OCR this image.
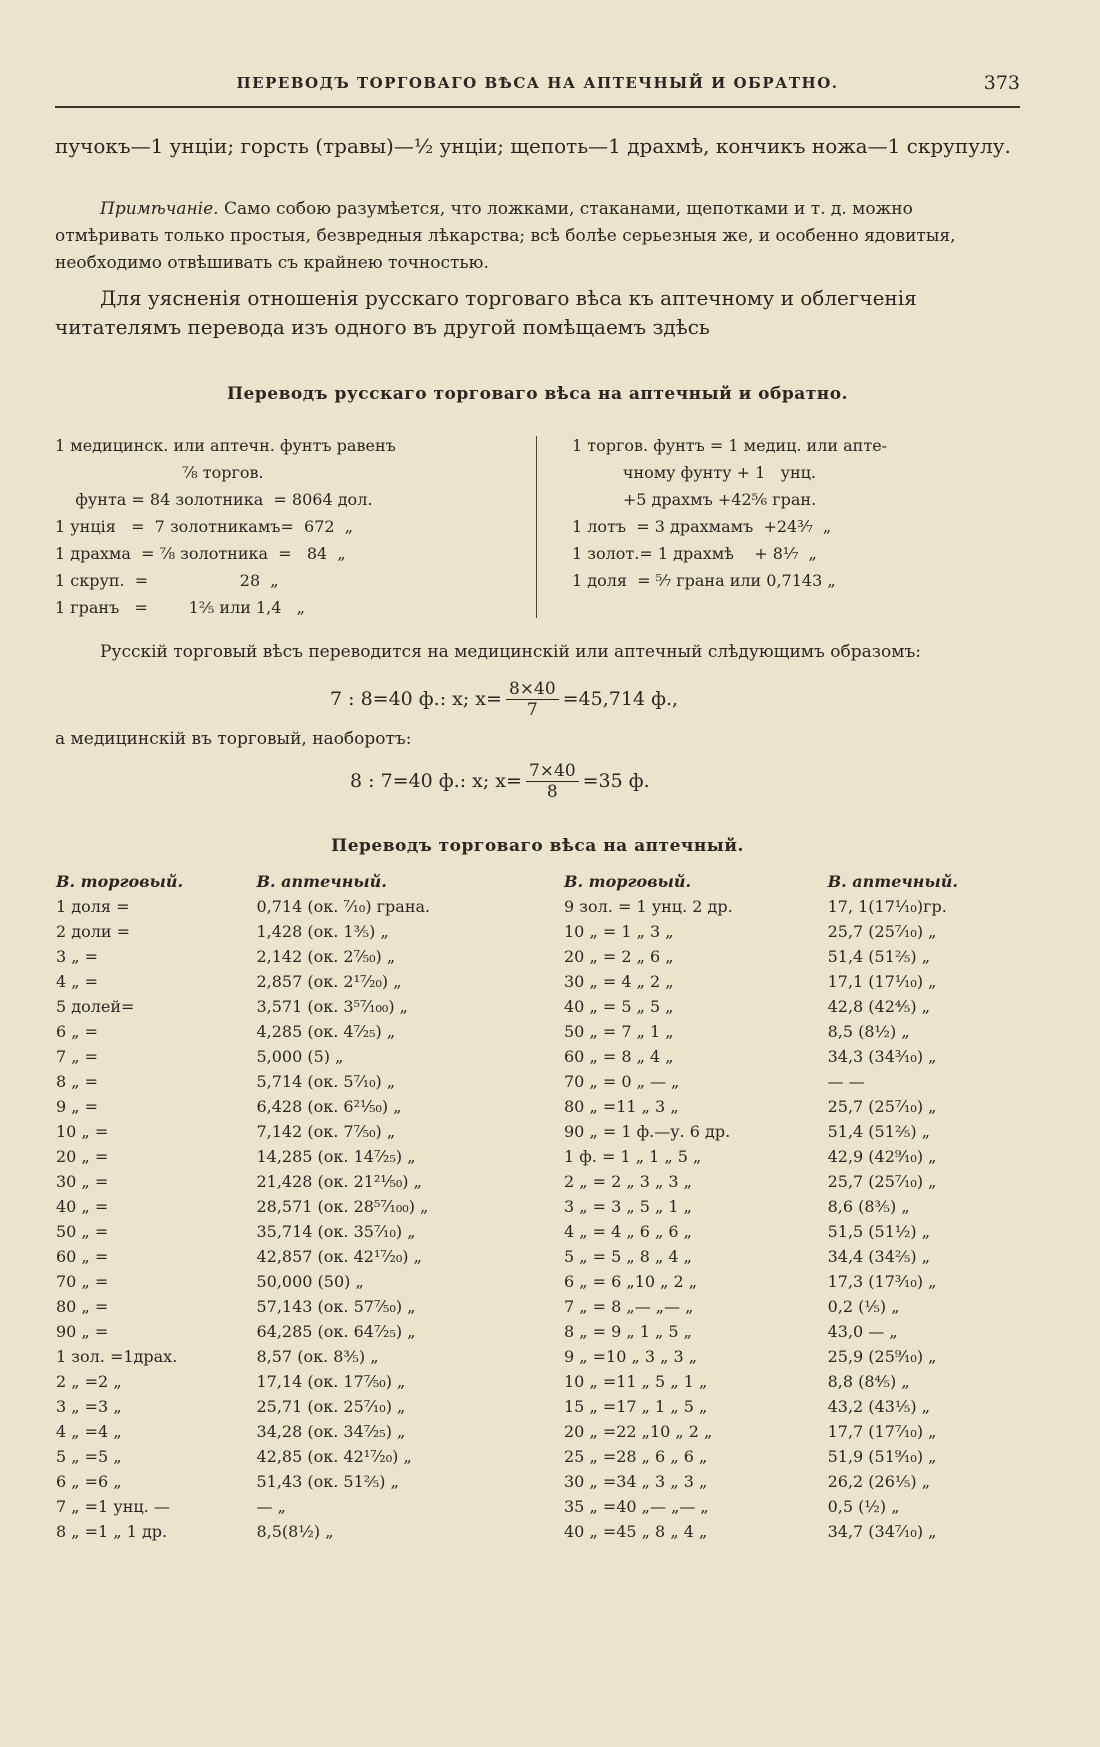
ПЕРЕВОДЪ ТОРГОВАГО ВѢСА НА АПТЕЧНЫЙ И ОБРАТНО.	373

пучокъ—1 унціи; горсть (травы)—½ унціи; щепоть—1 драхмѣ, кончикъ ножа—1 скрупулу.

Примѣчаніе. Само собою разумѣется, что ложками, стаканами, щепотками и т. д. можно отмѣривать только простыя, безвредныя лѣкарства; всѣ болѣе серьезныя же, и особенно ядовитыя, необходимо отвѣшивать съ крайнею точностью.

Для уясненія отношенія русскаго торговаго вѣса къ аптечному и облегченія читателямъ перевода изъ одного въ другой помѣщаемъ здѣсь

Переводъ русскаго торговаго вѣса на аптечный и обратно.
1 медицинск. или аптечн. фунтъ равенъ
⅞ торгов.
фунта = 84 золотника  = 8064 дол.
1 унція   =  7 золотникамъ=  672  „
1 драхма  = ⅞ золотника  =   84  „
1 скруп.  =                  28  „
1 гранъ   =        1⅖ или 1,4   „
1 торгов. фунтъ = 1 медиц. или апте-
чному фунту + 1   унц.
+5 драхмъ +42⅚ гран.
1 лотъ  = 3 драхмамъ  +24³⁄₇  „
1 золот.= 1 драхмѣ    + 8¹⁄₇  „
1 доля  = ⁵⁄₇ грана или 0,7143 „
Русскій торговый вѣсъ переводится на медицинскій или аптечный слѣдующимъ образомъ:
7 : 8=40 ф.: x; $x= \frac{8\times 40}{7} =45,714$ ф.,
а медицинскій въ торговый, наоборотъ:
8 : 7=40 ф.: x; $x= \frac{7\times 40}{8} =35$ ф.
Переводъ торговаго вѣса на аптечный.
В. торговый.	В. аптечный.
1 доля =	0,714 (ок. ⁷⁄₁₀) грана.
2 доли =	1,428 (ок. 1⅗) „
3 „ =	2,142 (ок. 2⁷⁄₅₀) „
4 „ =	2,857 (ок. 2¹⁷⁄₂₀) „
5 долей=	3,571 (ок. 3⁵⁷⁄₁₀₀) „
6 „ =	4,285 (ок. 4⁷⁄₂₅) „
7 „ =	5,000 (5) „
8 „ =	5,714 (ок. 5⁷⁄₁₀) „
9 „ =	6,428 (ок. 6²¹⁄₅₀) „
10 „ =	7,142 (ок. 7⁷⁄₅₀) „
20 „ =	14,285 (ок. 14⁷⁄₂₅) „
30 „ =	21,428 (ок. 21²¹⁄₅₀) „
40 „ =	28,571 (ок. 28⁵⁷⁄₁₀₀) „
50 „ =	35,714 (ок. 35⁷⁄₁₀) „
60 „ =	42,857 (ок. 42¹⁷⁄₂₀) „
70 „ =	50,000 (50) „
80 „ =	57,143 (ок. 57⁷⁄₅₀) „
90 „ =	64,285 (ок. 64⁷⁄₂₅) „
1 зол. =1драх.	8,57 (ок. 8⅗) „
2 „ =2 „	17,14 (ок. 17⁷⁄₅₀) „
3 „ =3 „	25,71 (ок. 25⁷⁄₁₀) „
4 „ =4 „	34,28 (ок. 34⁷⁄₂₅) „
5 „ =5 „	42,85 (ок. 42¹⁷⁄₂₀) „
6 „ =6 „	51,43 (ок. 51⅖) „
7 „ =1 унц. —	— „
8 „ =1 „ 1 др.	8,5(8½) „
В. торговый.	В. аптечный.
9 зол. = 1 унц. 2 др.	17, 1(17¹⁄₁₀)гр.
10 „ = 1 „ 3 „	25,7 (25⁷⁄₁₀) „
20 „ = 2 „ 6 „	51,4 (51⅖) „
30 „ = 4 „ 2 „	17,1 (17¹⁄₁₀) „
40 „ = 5 „ 5 „	42,8 (42⅘) „
50 „ = 7 „ 1 „	8,5 (8½) „
60 „ = 8 „ 4 „	34,3 (34³⁄₁₀) „
70 „ = 0 „ — „	— —
80 „ =11 „ 3 „	25,7 (25⁷⁄₁₀) „
90 „ = 1 ф.—у. 6 др.	51,4 (51⅖) „
1 ф. = 1 „ 1 „ 5 „	42,9 (42⁹⁄₁₀) „
2 „ = 2 „ 3 „ 3 „	25,7 (25⁷⁄₁₀) „
3 „ = 3 „ 5 „ 1 „	8,6 (8⅗) „
4 „ = 4 „ 6 „ 6 „	51,5 (51½) „
5 „ = 5 „ 8 „ 4 „	34,4 (34⅖) „
6 „ = 6 „10 „ 2 „	17,3 (17³⁄₁₀) „
7 „ = 8 „— „— „	0,2 (⅕) „
8 „ = 9 „ 1 „ 5 „	43,0 — „
9 „ =10 „ 3 „ 3 „	25,9 (25⁹⁄₁₀) „
10 „ =11 „ 5 „ 1 „	8,8 (8⅘) „
15 „ =17 „ 1 „ 5 „	43,2 (43⅕) „
20 „ =22 „10 „ 2 „	17,7 (17⁷⁄₁₀) „
25 „ =28 „ 6 „ 6 „	51,9 (51⁹⁄₁₀) „
30 „ =34 „ 3 „ 3 „	26,2 (26⅕) „
35 „ =40 „— „— „	0,5 (½) „
40 „ =45 „ 8 „ 4 „	34,7 (34⁷⁄₁₀) „
